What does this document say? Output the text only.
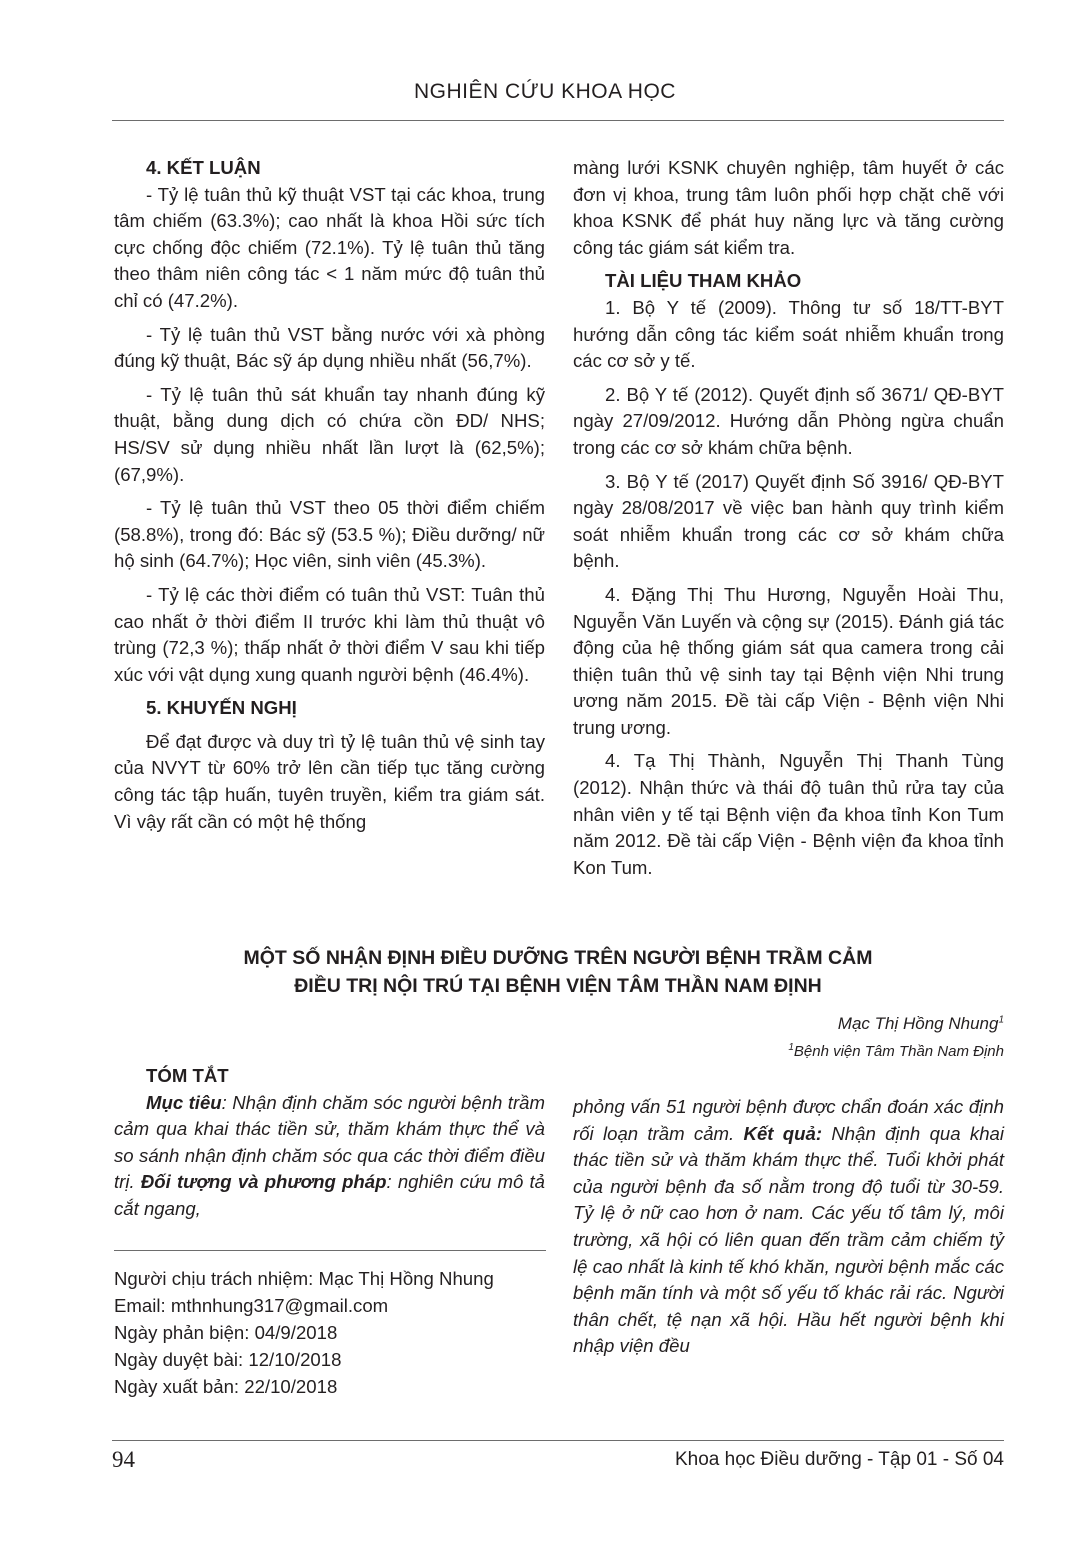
NGHIÊN CỨU KHOA HỌC

4. KẾT LUẬN

- Tỷ lệ tuân thủ kỹ thuật VST tại các khoa, trung tâm chiếm (63.3%); cao nhất là khoa Hồi sức tích cực chống độc chiếm (72.1%). Tỷ lệ tuân thủ tăng theo thâm niên công tác < 1 năm mức độ tuân thủ chỉ có (47.2%).

- Tỷ lệ tuân thủ VST bằng nước với xà phòng đúng kỹ thuật, Bác sỹ áp dụng nhiều nhất (56,7%).

- Tỷ lệ tuân thủ sát khuẩn tay nhanh đúng kỹ thuật, bằng dung dịch có chứa cồn ĐD/ NHS; HS/SV sử dụng nhiều nhất lần lượt là (62,5%); (67,9%).

- Tỷ lệ tuân thủ VST theo 05 thời điểm chiếm (58.8%), trong đó: Bác sỹ (53.5 %); Điều dưỡng/ nữ hộ sinh (64.7%); Học viên, sinh viên (45.3%).

- Tỷ lệ các thời điểm có tuân thủ VST: Tuân thủ cao nhất ở thời điểm II trước khi làm thủ thuật vô trùng (72,3 %); thấp nhất ở thời điểm V sau khi tiếp xúc với vật dụng xung quanh người bệnh (46.4%).

5. KHUYẾN NGHỊ

Để đạt được và duy trì tỷ lệ tuân thủ vệ sinh tay của NVYT từ 60% trở lên cần tiếp tục tăng cường công tác tập huấn, tuyên truyền, kiểm tra giám sát. Vì vậy rất cần có một hệ thống

màng lưới KSNK chuyên nghiệp, tâm huyết ở các đơn vị khoa, trung tâm luôn phối hợp chặt chẽ với khoa KSNK để phát huy năng lực và tăng cường công tác giám sát kiểm tra.

TÀI LIỆU THAM KHẢO

1. Bộ Y tế (2009). Thông tư số 18/TT-BYT hướng dẫn công tác kiểm soát nhiễm khuẩn trong các cơ sở y tế.

2. Bộ Y tế (2012). Quyết định số 3671/ QĐ-BYT ngày 27/09/2012. Hướng dẫn Phòng ngừa chuẩn trong các cơ sở khám chữa bệnh.

3. Bộ Y tế (2017) Quyết định Số 3916/ QĐ-BYT ngày 28/08/2017 về việc ban hành quy trình kiểm soát nhiễm khuẩn trong các cơ sở khám chữa bệnh.

4. Đặng Thị Thu Hương, Nguyễn Hoài Thu, Nguyễn Văn Luyến và cộng sự (2015). Đánh giá tác động của hệ thống giám sát qua camera trong cải thiện tuân thủ vệ sinh tay tại Bệnh viện Nhi trung ương năm 2015. Đề tài cấp Viện - Bệnh viện Nhi trung ương.

4. Tạ Thị Thành, Nguyễn Thị Thanh Tùng (2012). Nhận thức và thái độ tuân thủ rửa tay của nhân viên y tế tại Bệnh viện đa khoa tỉnh Kon Tum năm 2012. Đề tài cấp Viện - Bệnh viện đa khoa tỉnh Kon Tum.

MỘT SỐ NHẬN ĐỊNH ĐIỀU DƯỠNG TRÊN NGƯỜI BỆNH TRẦM CẢM
ĐIỀU TRỊ NỘI TRÚ TẠI BỆNH VIỆN TÂM THẦN NAM ĐỊNH
Mạc Thị Hồng Nhung$^1$
$^1$Bệnh viện Tâm Thần Nam Định

TÓM TẮT

Mục tiêu: Nhận định chăm sóc người bệnh trầm cảm qua khai thác tiền sử, thăm khám thực thể và so sánh nhận định chăm sóc qua các thời điểm điều trị. Đối tượng và phương pháp: nghiên cứu mô tả cắt ngang,

phỏng vấn 51 người bệnh được chẩn đoán xác định rối loạn trầm cảm. Kết quả: Nhận định qua khai thác tiền sử và thăm khám thực thể. Tuổi khởi phát của người bệnh đa số nằm trong độ tuổi từ 30-59. Tỷ lệ ở nữ cao hơn ở nam. Các yếu tố tâm lý, môi trường, xã hội có liên quan đến trầm cảm chiếm tỷ lệ cao nhất là kinh tế khó khăn, người bệnh mắc các bệnh mãn tính và một số yếu tố khác rải rác. Người thân chết, tệ nạn xã hội. Hầu hết người bệnh khi nhập viện đều

Người chịu trách nhiệm: Mạc Thị Hồng Nhung
Email: mthnhung317@gmail.com
Ngày phản biện: 04/9/2018
Ngày duyệt bài: 12/10/2018
Ngày xuất bản: 22/10/2018
94	Khoa học Điều dưỡng - Tập 01 - Số 04
